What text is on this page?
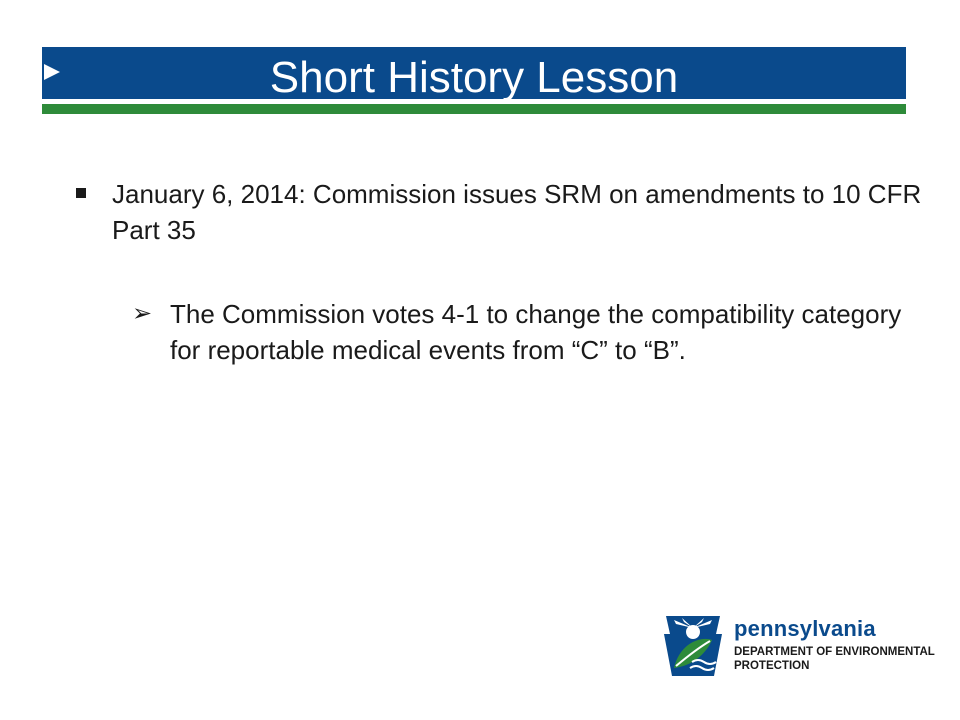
Short History Lesson
January 6, 2014: Commission issues SRM on amendments to 10 CFR Part 35
➢ The Commission votes 4-1 to change the compatibility category for reportable medical events from “C” to “B”.
pennsylvania
DEPARTMENT OF ENVIRONMENTAL
PROTECTION
